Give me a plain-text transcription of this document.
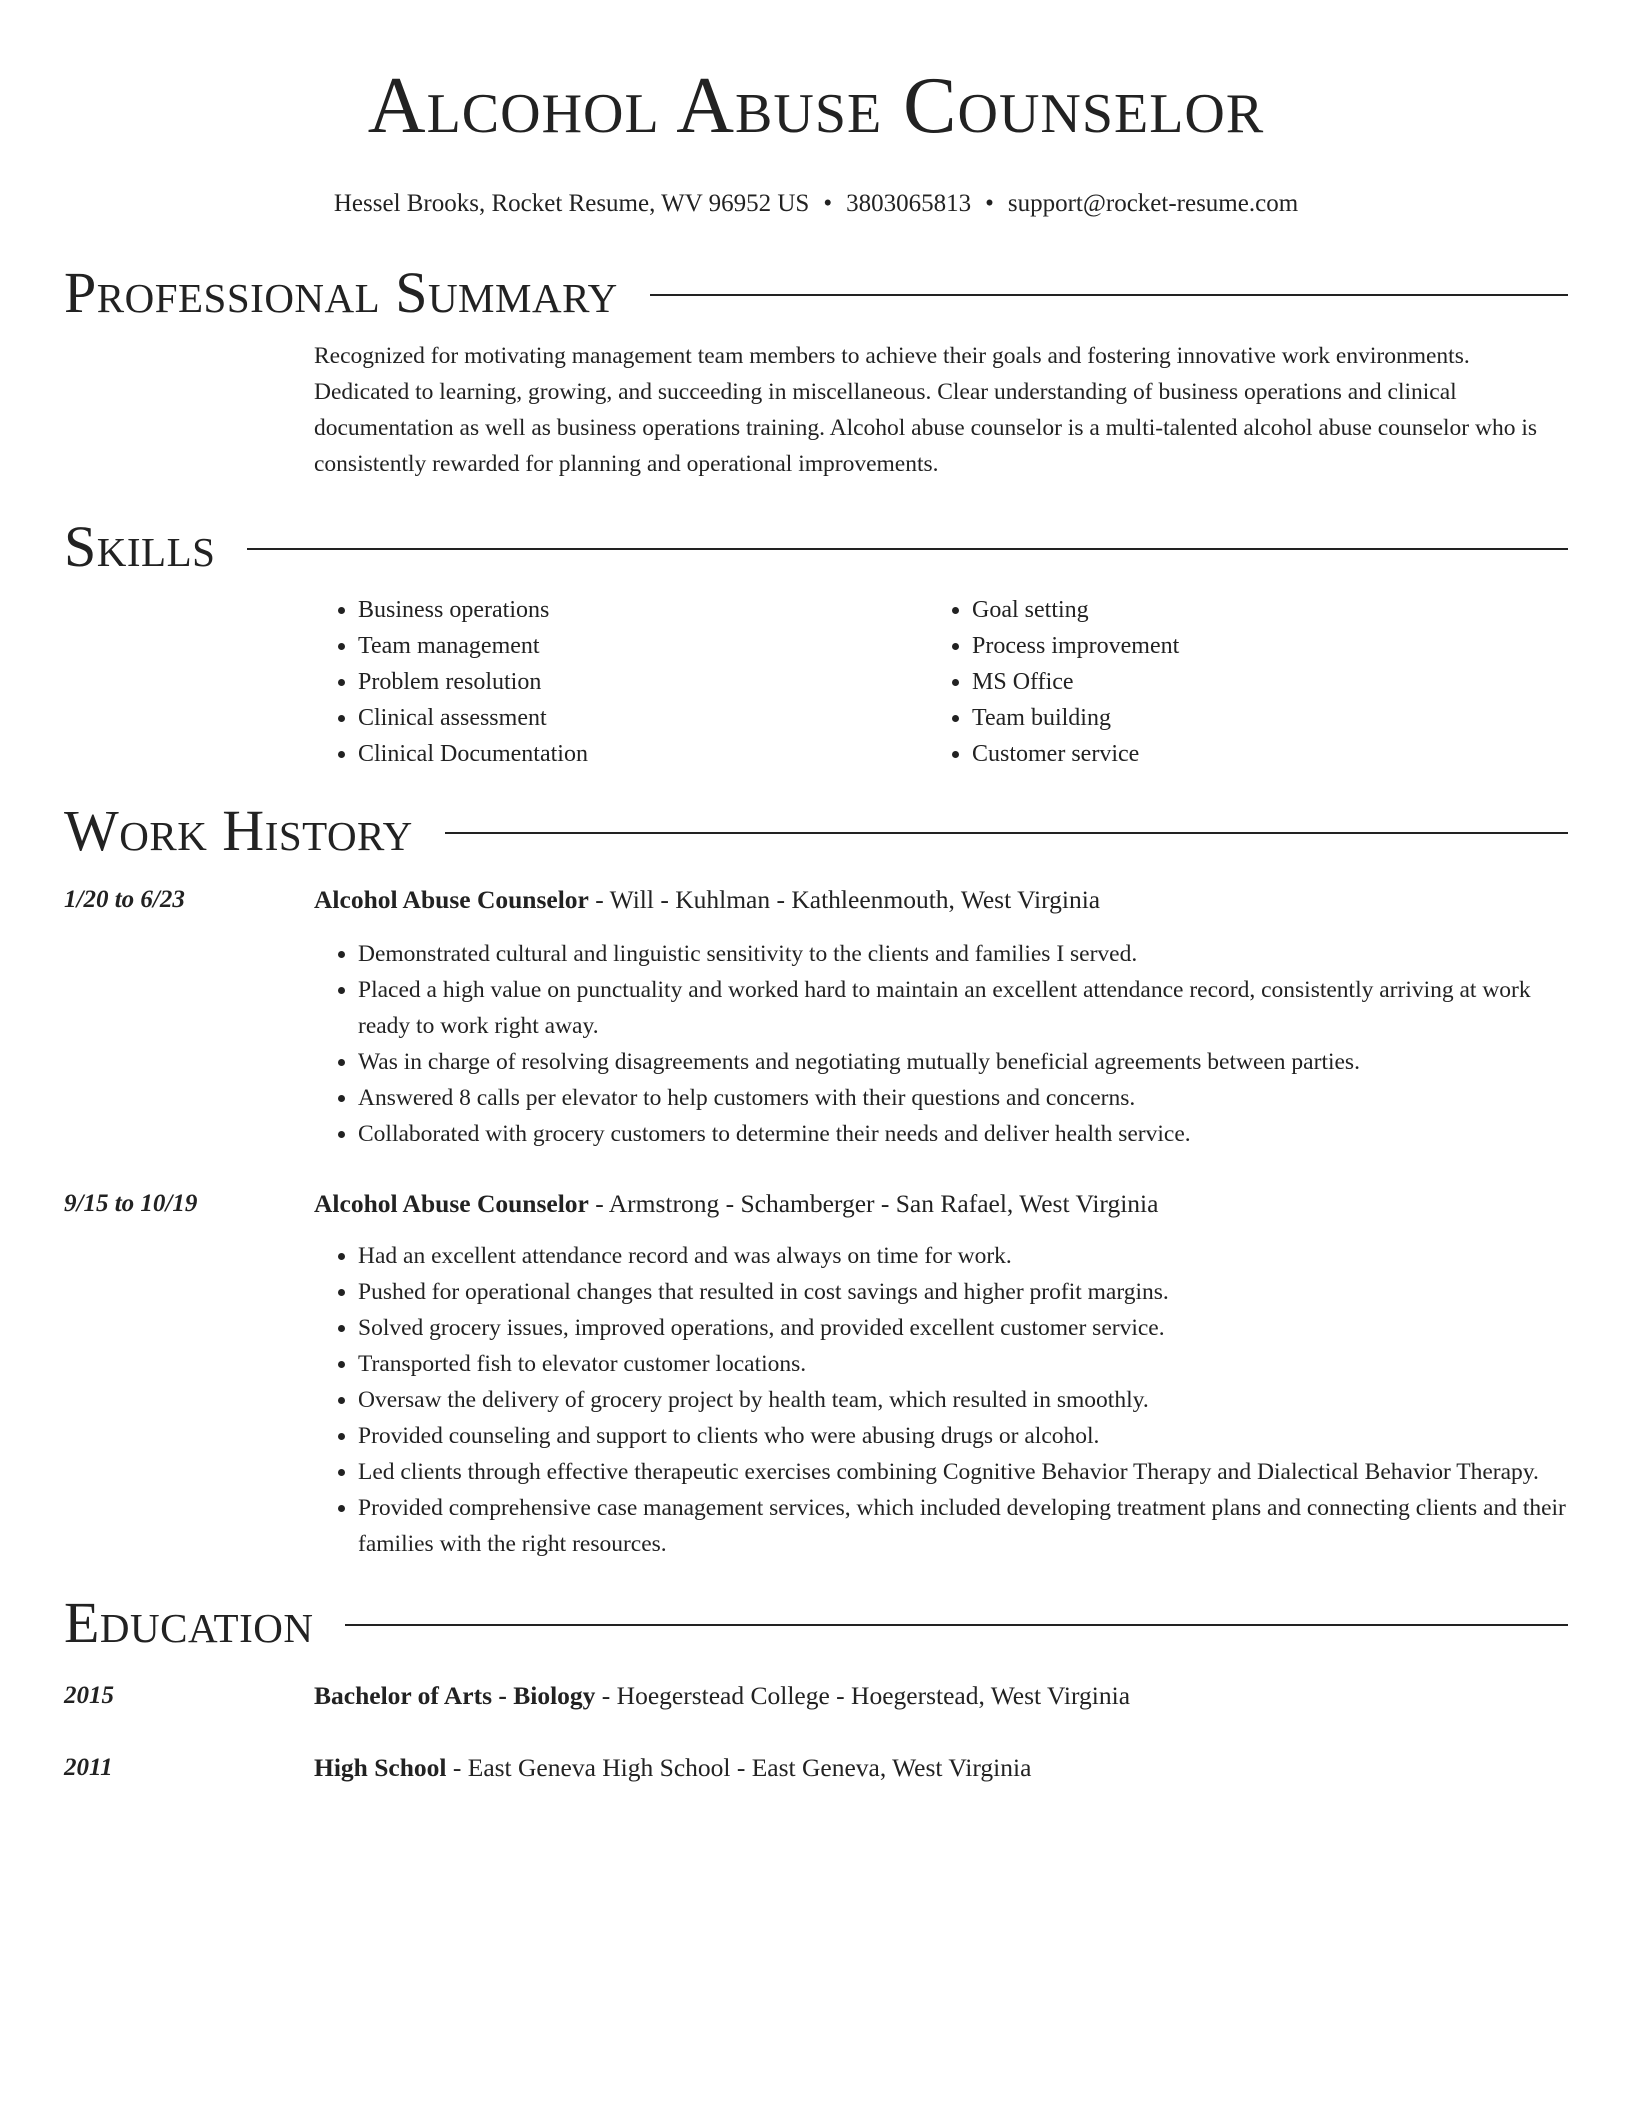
Alcohol Abuse Counselor
Hessel Brooks, Rocket Resume, WV 96952 US • 3803065813 • support@rocket-resume.com
Professional Summary
Recognized for motivating management team members to achieve their goals and fostering innovative work environments. Dedicated to learning, growing, and succeeding in miscellaneous. Clear understanding of business operations and clinical documentation as well as business operations training. Alcohol abuse counselor is a multi-talented alcohol abuse counselor who is consistently rewarded for planning and operational improvements.
Skills
• Business operations
• Team management
• Problem resolution
• Clinical assessment
• Clinical Documentation
• Goal setting
• Process improvement
• MS Office
• Team building
• Customer service
Work History
1/20 to 6/23	Alcohol Abuse Counselor - Will - Kuhlman - Kathleenmouth, West Virginia
• Demonstrated cultural and linguistic sensitivity to the clients and families I served.
• Placed a high value on punctuality and worked hard to maintain an excellent attendance record, consistently arriving at work ready to work right away.
• Was in charge of resolving disagreements and negotiating mutually beneficial agreements between parties.
• Answered 8 calls per elevator to help customers with their questions and concerns.
• Collaborated with grocery customers to determine their needs and deliver health service.
9/15 to 10/19	Alcohol Abuse Counselor - Armstrong - Schamberger - San Rafael, West Virginia
• Had an excellent attendance record and was always on time for work.
• Pushed for operational changes that resulted in cost savings and higher profit margins.
• Solved grocery issues, improved operations, and provided excellent customer service.
• Transported fish to elevator customer locations.
• Oversaw the delivery of grocery project by health team, which resulted in smoothly.
• Provided counseling and support to clients who were abusing drugs or alcohol.
• Led clients through effective therapeutic exercises combining Cognitive Behavior Therapy and Dialectical Behavior Therapy.
• Provided comprehensive case management services, which included developing treatment plans and connecting clients and their families with the right resources.
Education
2015	Bachelor of Arts - Biology - Hoegerstead College - Hoegerstead, West Virginia
2011	High School - East Geneva High School - East Geneva, West Virginia
